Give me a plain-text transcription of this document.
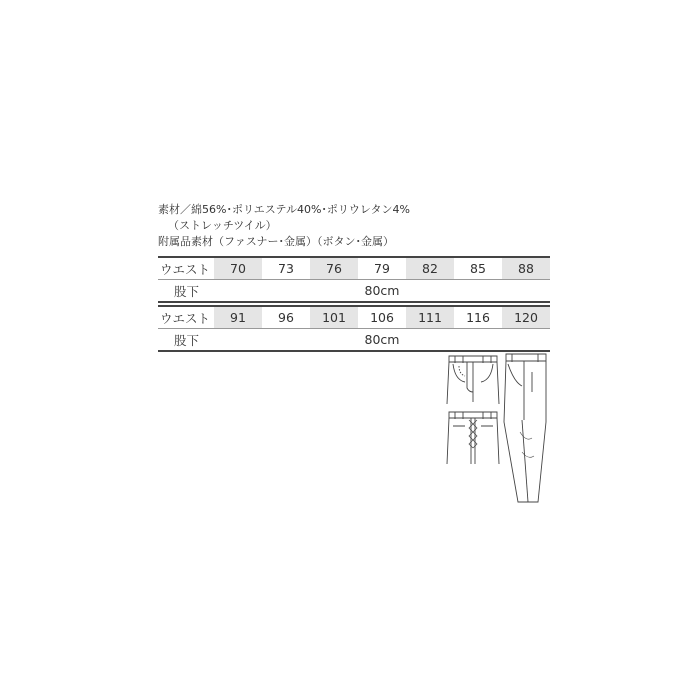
素材／綿56%･ポリエステル40%･ポリウレタン4%
（ストレッチツイル）
附属品素材（ファスナー･金属）（ボタン･金属）
ウエスト	70	73	76	79	82	85	88
股下	80cm						
ウエスト	91	96	101	106	111	116	120
股下	80cm						
